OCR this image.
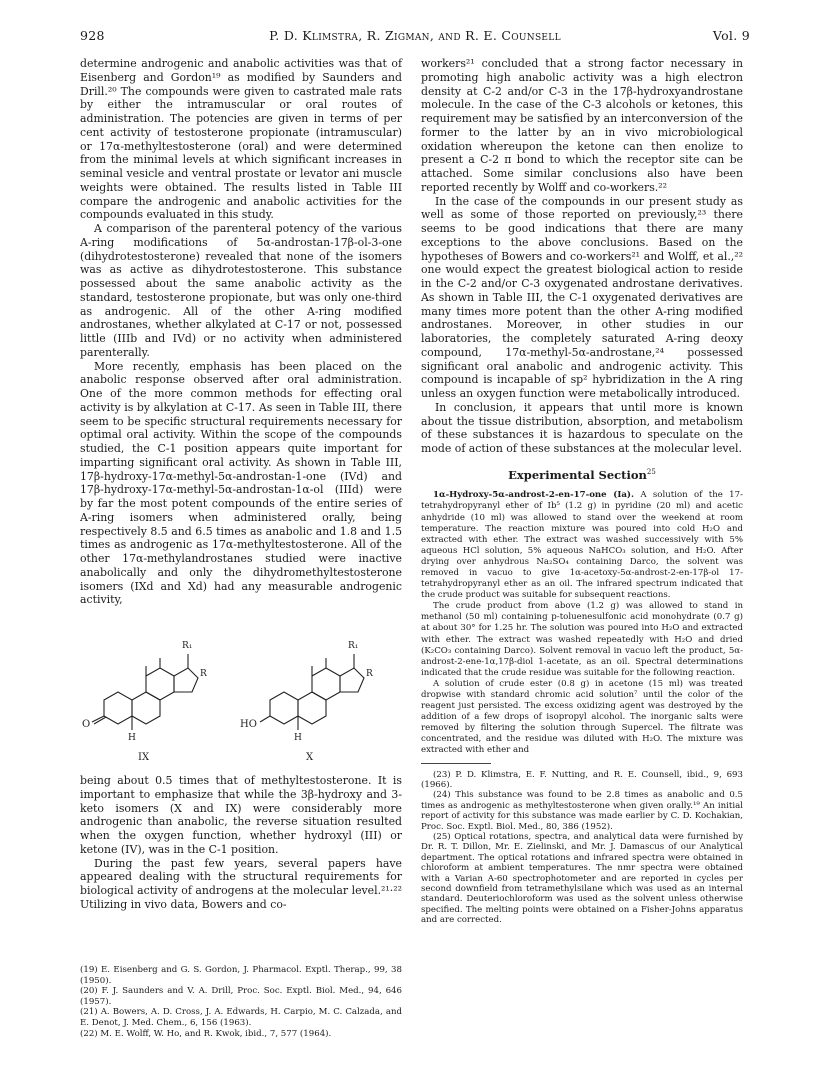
928	P. D. Klimstra, R. Zigman, and R. E. Counsell	Vol. 9

determine androgenic and anabolic activities was that of Eisenberg and Gordon¹⁹ as modified by Saunders and Drill.²⁰ The compounds were given to castrated male rats by either the intramuscular or oral routes of administration. The potencies are given in terms of per cent activity of testosterone propionate (intramuscular) or 17α-methyltestosterone (oral) and were determined from the minimal levels at which significant increases in seminal vesicle and ventral prostate or levator ani muscle weights were obtained. The results listed in Table III compare the androgenic and anabolic activities for the compounds evaluated in this study.

A comparison of the parenteral potency of the various A-ring modifications of 5α-androstan-17β-ol-3-one (dihydrotestosterone) revealed that none of the isomers was as active as dihydrotestosterone. This substance possessed about the same anabolic activity as the standard, testosterone propionate, but was only one-third as androgenic. All of the other A-ring modified androstanes, whether alkylated at C-17 or not, possessed little (IIIb and IVd) or no activity when administered parenterally.

More recently, emphasis has been placed on the anabolic response observed after oral administration. One of the more common methods for effecting oral activity is by alkylation at C-17. As seen in Table III, there seem to be specific structural requirements necessary for optimal oral activity. Within the scope of the compounds studied, the C-1 position appears quite important for imparting significant oral activity. As shown in Table III, 17β-hydroxy-17α-methyl-5α-androstan-1-one (IVd) and 17β-hydroxy-17α-methyl-5α-androstan-1α-ol (IIId) were by far the most potent compounds of the entire series of A-ring isomers when administered orally, being respectively 8.5 and 6.5 times as anabolic and 1.8 and 1.5 times as androgenic as 17α-methyltestosterone. All of the other 17α-methylandrostanes studied were inactive anabolically and only the dihydromethyltestosterone isomers (IXd and Xd) had any measurable androgenic activity,

R₁
R
O
H
IX
R₁
R
HO
H
X

being about 0.5 times that of methyltestosterone. It is important to emphasize that while the 3β-hydroxy and 3-keto isomers (X and IX) were considerably more androgenic than anabolic, the reverse situation resulted when the oxygen function, whether hydroxyl (III) or ketone (IV), was in the C-1 position.

During the past few years, several papers have appeared dealing with the structural requirements for biological activity of androgens at the molecular level.²¹·²² Utilizing in vivo data, Bowers and co-

(19) E. Eisenberg and G. S. Gordon, J. Pharmacol. Exptl. Therap., 99, 38 (1950).

(20) F. J. Saunders and V. A. Drill, Proc. Soc. Exptl. Biol. Med., 94, 646 (1957).

(21) A. Bowers, A. D. Cross, J. A. Edwards, H. Carpio, M. C. Calzada, and E. Denot, J. Med. Chem., 6, 156 (1963).

(22) M. E. Wolff, W. Ho, and R. Kwok, ibid., 7, 577 (1964).

workers²¹ concluded that a strong factor necessary in promoting high anabolic activity was a high electron density at C-2 and/or C-3 in the 17β-hydroxyandrostane molecule. In the case of the C-3 alcohols or ketones, this requirement may be satisfied by an interconversion of the former to the latter by an in vivo microbiological oxidation whereupon the ketone can then enolize to present a C-2 π bond to which the receptor site can be attached. Some similar conclusions also have been reported recently by Wolff and co-workers.²²

In the case of the compounds in our present study as well as some of those reported on previously,²³ there seems to be good indications that there are many exceptions to the above conclusions. Based on the hypotheses of Bowers and co-workers²¹ and Wolff, et al.,²² one would expect the greatest biological action to reside in the C-2 and/or C-3 oxygenated androstane derivatives. As shown in Table III, the C-1 oxygenated derivatives are many times more potent than the other A-ring modified androstanes. Moreover, in other studies in our laboratories, the completely saturated A-ring deoxy compound, 17α-methyl-5α-androstane,²⁴ possessed significant oral anabolic and androgenic activity. This compound is incapable of sp² hybridization in the A ring unless an oxygen function were metabolically introduced.

In conclusion, it appears that until more is known about the tissue distribution, absorption, and metabolism of these substances it is hazardous to speculate on the mode of action of these substances at the molecular level.

Experimental Section$^{25}$

1α-Hydroxy-5α-androst-2-en-17-one (Ia). A solution of the 17-tetrahydropyranyl ether of Ib⁵ (1.2 g) in pyridine (20 ml) and acetic anhydride (10 ml) was allowed to stand over the weekend at room temperature. The reaction mixture was poured into cold H₂O and extracted with ether. The extract was washed successively with 5% aqueous HCl solution, 5% aqueous NaHCO₃ solution, and H₂O. After drying over anhydrous Na₂SO₄ containing Darco, the solvent was removed in vacuo to give 1α-acetoxy-5α-androst-2-en-17β-ol 17-tetrahydropyranyl ether as an oil. The infrared spectrum indicated that the crude product was suitable for subsequent reactions.

The crude product from above (1.2 g) was allowed to stand in methanol (50 ml) containing p-toluenesulfonic acid monohydrate (0.7 g) at about 30° for 1.25 hr. The solution was poured into H₂O and extracted with ether. The extract was washed repeatedly with H₂O and dried (K₂CO₃ containing Darco). Solvent removal in vacuo left the product, 5α-androst-2-ene-1α,17β-diol 1-acetate, as an oil. Spectral determinations indicated that the crude residue was suitable for the following reaction.

A solution of crude ester (0.8 g) in acetone (15 ml) was treated dropwise with standard chromic acid solution⁷ until the color of the reagent just persisted. The excess oxidizing agent was destroyed by the addition of a few drops of isopropyl alcohol. The inorganic salts were removed by filtering the solution through Supercel. The filtrate was concentrated, and the residue was diluted with H₂O. The mixture was extracted with ether and

(23) P. D. Klimstra, E. F. Nutting, and R. E. Counsell, ibid., 9, 693 (1966).

(24) This substance was found to be 2.8 times as anabolic and 0.5 times as androgenic as methyltestosterone when given orally.¹⁹ An initial report of activity for this substance was made earlier by C. D. Kochakian, Proc. Soc. Exptl. Biol. Med., 80, 386 (1952).

(25) Optical rotations, spectra, and analytical data were furnished by Dr. R. T. Dillon, Mr. E. Zielinski, and Mr. J. Damascus of our Analytical department. The optical rotations and infrared spectra were obtained in chloroform at ambient temperatures. The nmr spectra were obtained with a Varian A-60 spectrophotometer and are reported in cycles per second downfield from tetramethylsilane which was used as an internal standard. Deuteriochloroform was used as the solvent unless otherwise specified. The melting points were obtained on a Fisher-Johns apparatus and are corrected.
